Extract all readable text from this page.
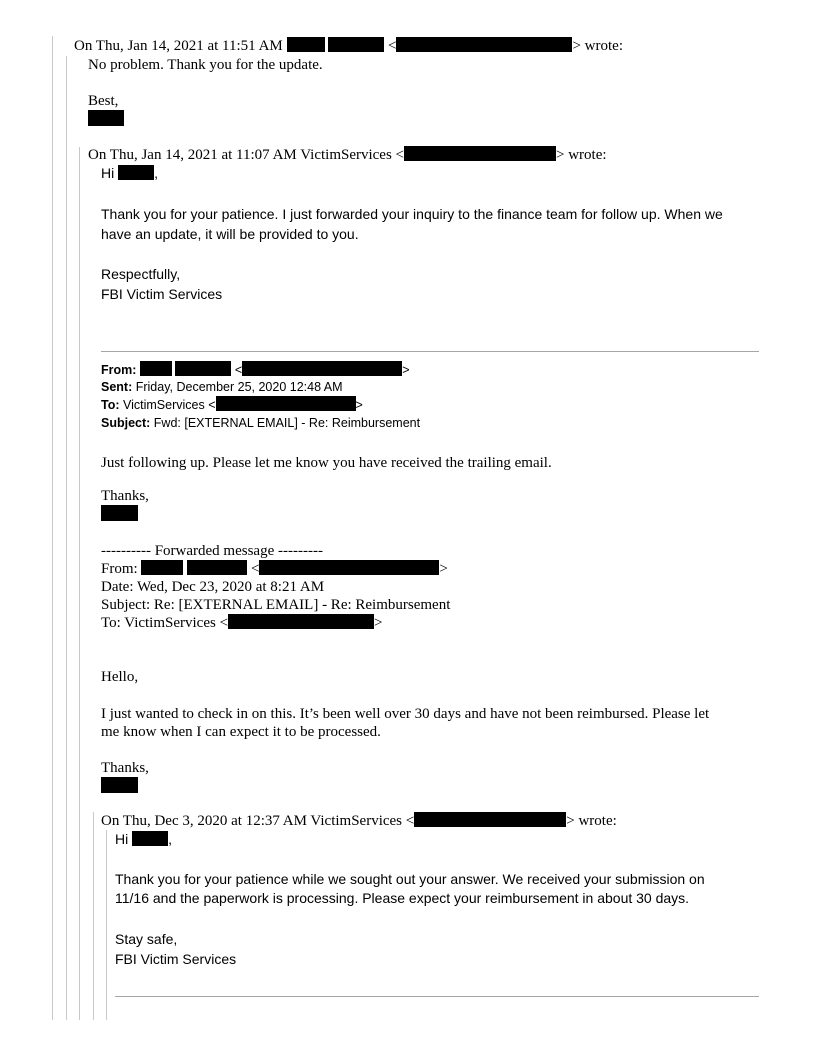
On Thu, Jan 14, 2021 at 11:51 AM	<	> wrote:
No problem. Thank you for the update.
Best,
On Thu, Jan 14, 2021 at 11:07 AM VictimServices <	> wrote:
Hi	,
Thank you for your patience. I just forwarded your inquiry to the finance team for follow up. When we
have an update, it will be provided to you.
Respectfully,
FBI Victim Services
From:	<	>
Sent: Friday, December 25, 2020 12:48 AM
To: VictimServices <	>
Subject: Fwd: [EXTERNAL EMAIL] - Re: Reimbursement
Just following up. Please let me know you have received the trailing email.
Thanks,
---------- Forwarded message ---------
From:	<	>
Date: Wed, Dec 23, 2020 at 8:21 AM
Subject: Re: [EXTERNAL EMAIL] - Re: Reimbursement
To: VictimServices <	>
Hello,
I just wanted to check in on this. It’s been well over 30 days and have not been reimbursed. Please let
me know when I can expect it to be processed.
Thanks,
On Thu, Dec 3, 2020 at 12:37 AM VictimServices <	> wrote:
Hi	,
Thank you for your patience while we sought out your answer. We received your submission on
11/16 and the paperwork is processing. Please expect your reimbursement in about 30 days.
Stay safe,
FBI Victim Services
